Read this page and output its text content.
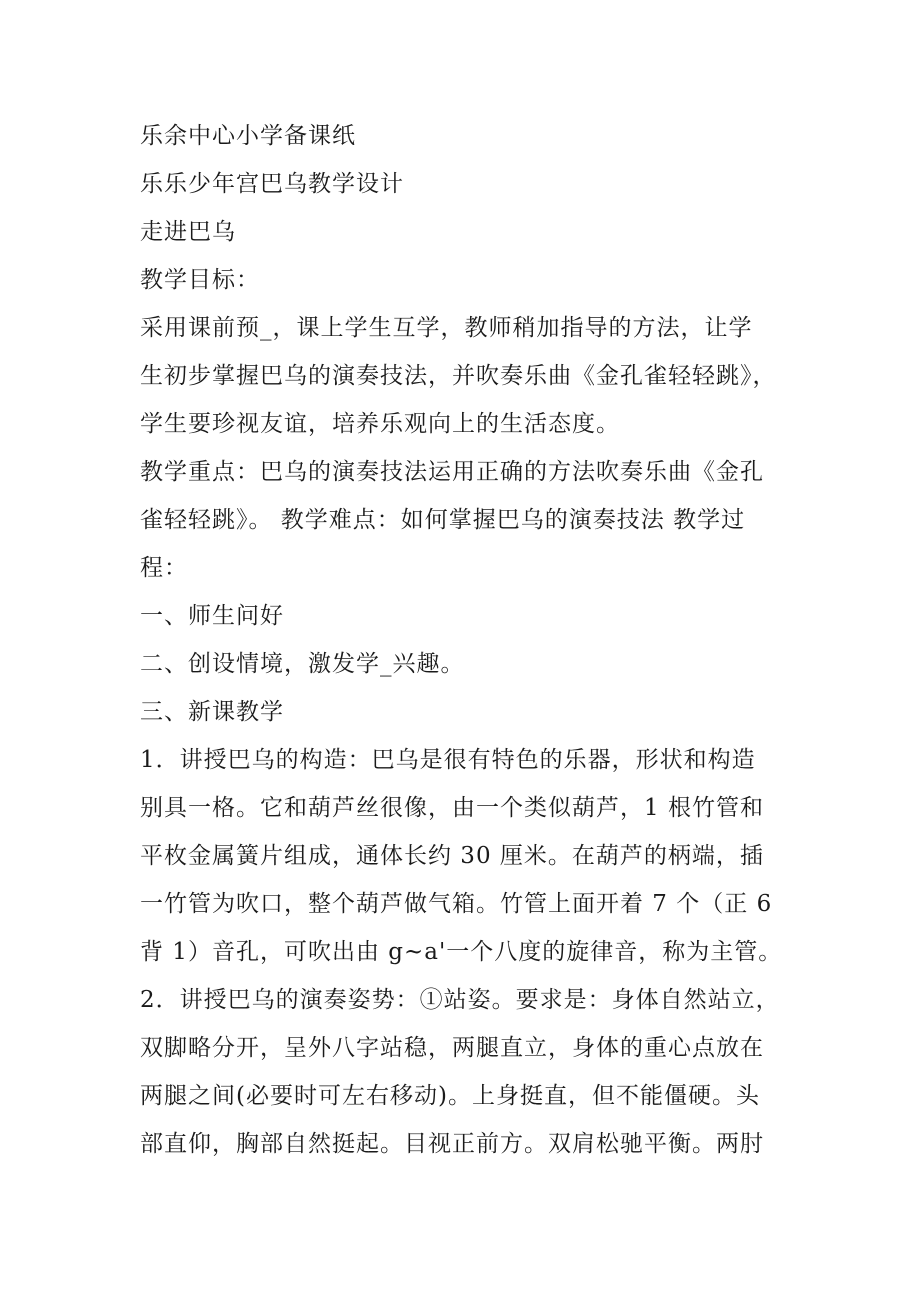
乐余中心小学备课纸
乐乐少年宫巴乌教学设计
走进巴乌
教学目标：
采用课前预_，课上学生互学，教师稍加指导的方法，让学
生初步掌握巴乌的演奏技法，并吹奏乐曲《金孔雀轻轻跳》，
学生要珍视友谊，培养乐观向上的生活态度。
教学重点：巴乌的演奏技法运用正确的方法吹奏乐曲《金孔
雀轻轻跳》。 教学难点：如何掌握巴乌的演奏技法 教学过
程：
一、师生问好
二、创设情境，激发学_兴趣。
三、新课教学
1．讲授巴乌的构造：巴乌是很有特色的乐器，形状和构造
别具一格。它和葫芦丝很像，由一个类似葫芦，1 根竹管和
平枚金属簧片组成，通体长约 30 厘米。在葫芦的柄端，插
一竹管为吹口，整个葫芦做气箱。竹管上面开着 7 个（正 6
背 1）音孔，可吹出由 g~a'一个八度的旋律音，称为主管。
2．讲授巴乌的演奏姿势：①站姿。要求是：身体自然站立，
双脚略分开，呈外八字站稳，两腿直立，身体的重心点放在
两腿之间(必要时可左右移动)。上身挺直，但不能僵硬。头
部直仰，胸部自然挺起。目视正前方。双肩松驰平衡。两肘
